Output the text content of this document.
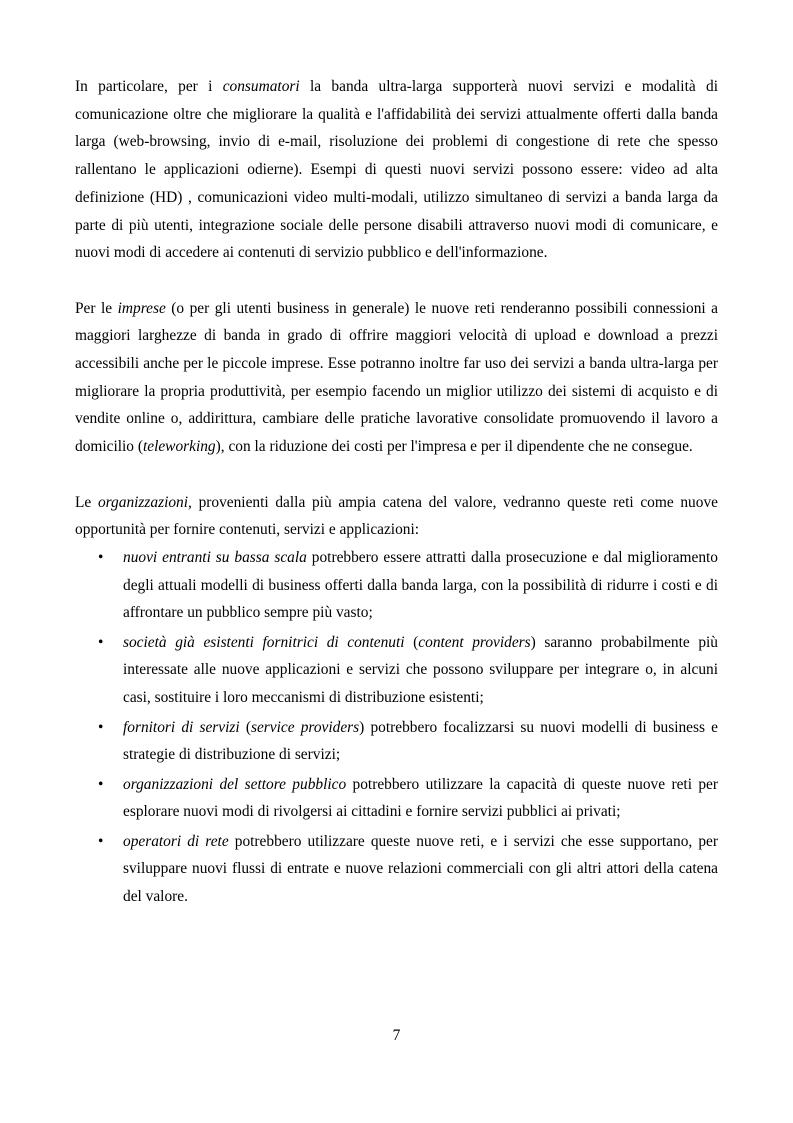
In particolare, per i consumatori la banda ultra-larga supporterà nuovi servizi e modalità di comunicazione oltre che migliorare la qualità e l'affidabilità dei servizi attualmente offerti dalla banda larga (web-browsing, invio di e-mail, risoluzione dei problemi di congestione di rete che spesso rallentano le applicazioni odierne). Esempi di questi nuovi servizi possono essere: video ad alta definizione (HD) , comunicazioni video multi-modali, utilizzo simultaneo di servizi a banda larga da parte di più utenti, integrazione sociale delle persone disabili attraverso nuovi modi di comunicare, e nuovi modi di accedere ai contenuti di servizio pubblico e dell'informazione.

Per le imprese (o per gli utenti business in generale) le nuove reti renderanno possibili connessioni a maggiori larghezze di banda in grado di offrire maggiori velocità di upload e download a prezzi accessibili anche per le piccole imprese. Esse potranno inoltre far uso dei servizi a banda ultra-larga per migliorare la propria produttività, per esempio facendo un miglior utilizzo dei sistemi di acquisto e di vendite online o, addirittura, cambiare delle pratiche lavorative consolidate promuovendo il lavoro a domicilio (teleworking), con la riduzione dei costi per l'impresa e per il dipendente che ne consegue.

Le organizzazioni, provenienti dalla più ampia catena del valore, vedranno queste reti come nuove opportunità per fornire contenuti, servizi e applicazioni:

• nuovi entranti su bassa scala potrebbero essere attratti dalla prosecuzione e dal miglioramento degli attuali modelli di business offerti dalla banda larga, con la possibilità di ridurre i costi e di affrontare un pubblico sempre più vasto;
• società già esistenti fornitrici di contenuti (content providers) saranno probabilmente più interessate alle nuove applicazioni e servizi che possono sviluppare per integrare o, in alcuni casi, sostituire i loro meccanismi di distribuzione esistenti;
• fornitori di servizi (service providers) potrebbero focalizzarsi su nuovi modelli di business e strategie di distribuzione di servizi;
• organizzazioni del settore pubblico potrebbero utilizzare la capacità di queste nuove reti per esplorare nuovi modi di rivolgersi ai cittadini e fornire servizi pubblici ai privati;
• operatori di rete potrebbero utilizzare queste nuove reti, e i servizi che esse supportano, per sviluppare nuovi flussi di entrate e nuove relazioni commerciali con gli altri attori della catena del valore.
7
